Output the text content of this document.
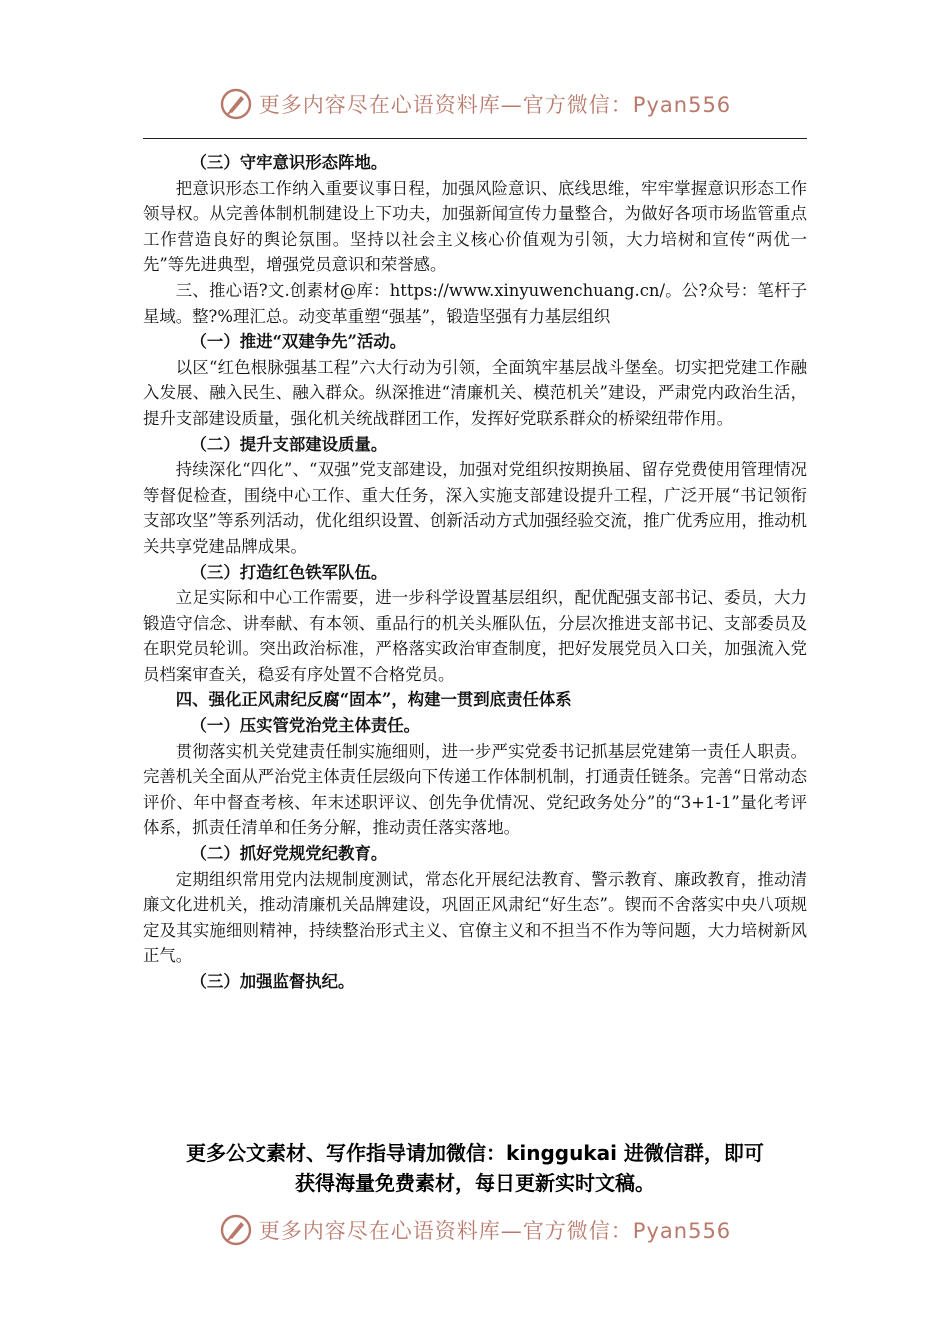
更多内容尽在心语资料库—官方微信：Pyan556

（三）守牢意识形态阵地。

把意识形态工作纳入重要议事日程，加强风险意识、底线思维，牢牢掌握意识形态工作领导权。从完善体制机制建设上下功夫，加强新闻宣传力量整合，为做好各项市场监管重点工作营造良好的舆论氛围。坚持以社会主义核心价值观为引领，大力培树和宣传“两优一先”等先进典型，增强党员意识和荣誉感。

三、推心语?文.创素材@库：https://www.xinyuwenchuang.cn/。公?众号：笔杆子星域。整?%理汇总。动变革重塑“强基”，锻造坚强有力基层组织

（一）推进“双建争先”活动。

以区“红色根脉强基工程”六大行动为引领，全面筑牢基层战斗堡垒。切实把党建工作融入发展、融入民生、融入群众。纵深推进“清廉机关、模范机关”建设，严肃党内政治生活，提升支部建设质量，强化机关统战群团工作，发挥好党联系群众的桥梁纽带作用。

（二）提升支部建设质量。

持续深化“四化”、“双强”党支部建设，加强对党组织按期换届、留存党费使用管理情况等督促检查，围绕中心工作、重大任务，深入实施支部建设提升工程，广泛开展“书记领衔 支部攻坚”等系列活动，优化组织设置、创新活动方式加强经验交流，推广优秀应用，推动机关共享党建品牌成果。

（三）打造红色铁军队伍。

立足实际和中心工作需要，进一步科学设置基层组织，配优配强支部书记、委员，大力锻造守信念、讲奉献、有本领、重品行的机关头雁队伍，分层次推进支部书记、支部委员及在职党员轮训。突出政治标准，严格落实政治审查制度，把好发展党员入口关，加强流入党员档案审查关，稳妥有序处置不合格党员。

四、强化正风肃纪反腐“固本”，构建一贯到底责任体系

（一）压实管党治党主体责任。

贯彻落实机关党建责任制实施细则，进一步严实党委书记抓基层党建第一责任人职责。完善机关全面从严治党主体责任层级向下传递工作体制机制，打通责任链条。完善“日常动态评价、年中督查考核、年末述职评议、创先争优情况、党纪政务处分”的“3+1-1”量化考评体系，抓责任清单和任务分解，推动责任落实落地。

（二）抓好党规党纪教育。

定期组织常用党内法规制度测试，常态化开展纪法教育、警示教育、廉政教育，推动清廉文化进机关，推动清廉机关品牌建设，巩固正风肃纪“好生态”。锲而不舍落实中央八项规定及其实施细则精神，持续整治形式主义、官僚主义和不担当不作为等问题，大力培树新风正气。

（三）加强监督执纪。

更多公文素材、写作指导请加微信：kinggukai 进微信群，即可
获得海量免费素材，每日更新实时文稿。
更多内容尽在心语资料库—官方微信：Pyan556
